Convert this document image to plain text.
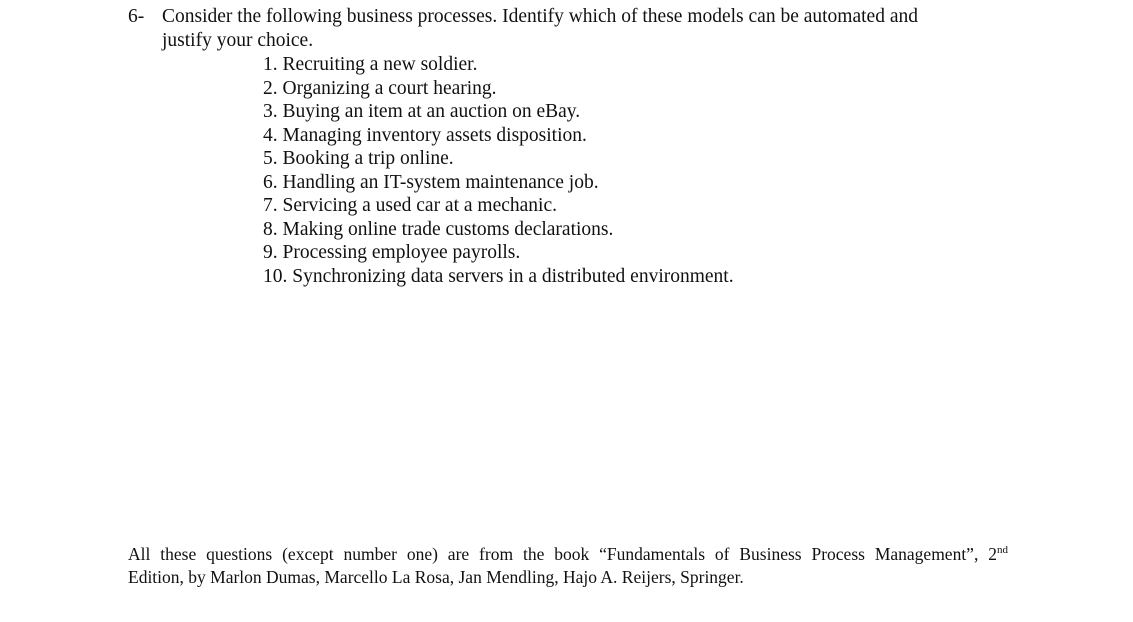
6- Consider the following business processes. Identify which of these models can be automated and
justify your choice.
1. Recruiting a new soldier.
2. Organizing a court hearing.
3. Buying an item at an auction on eBay.
4. Managing inventory assets disposition.
5. Booking a trip online.
6. Handling an IT-system maintenance job.
7. Servicing a used car at a mechanic.
8. Making online trade customs declarations.
9. Processing employee payrolls.
10. Synchronizing data servers in a distributed environment.
All these questions (except number one) are from the book “Fundamentals of Business Process Management”, 2nd
Edition, by Marlon Dumas, Marcello La Rosa, Jan Mendling, Hajo A. Reijers, Springer.
